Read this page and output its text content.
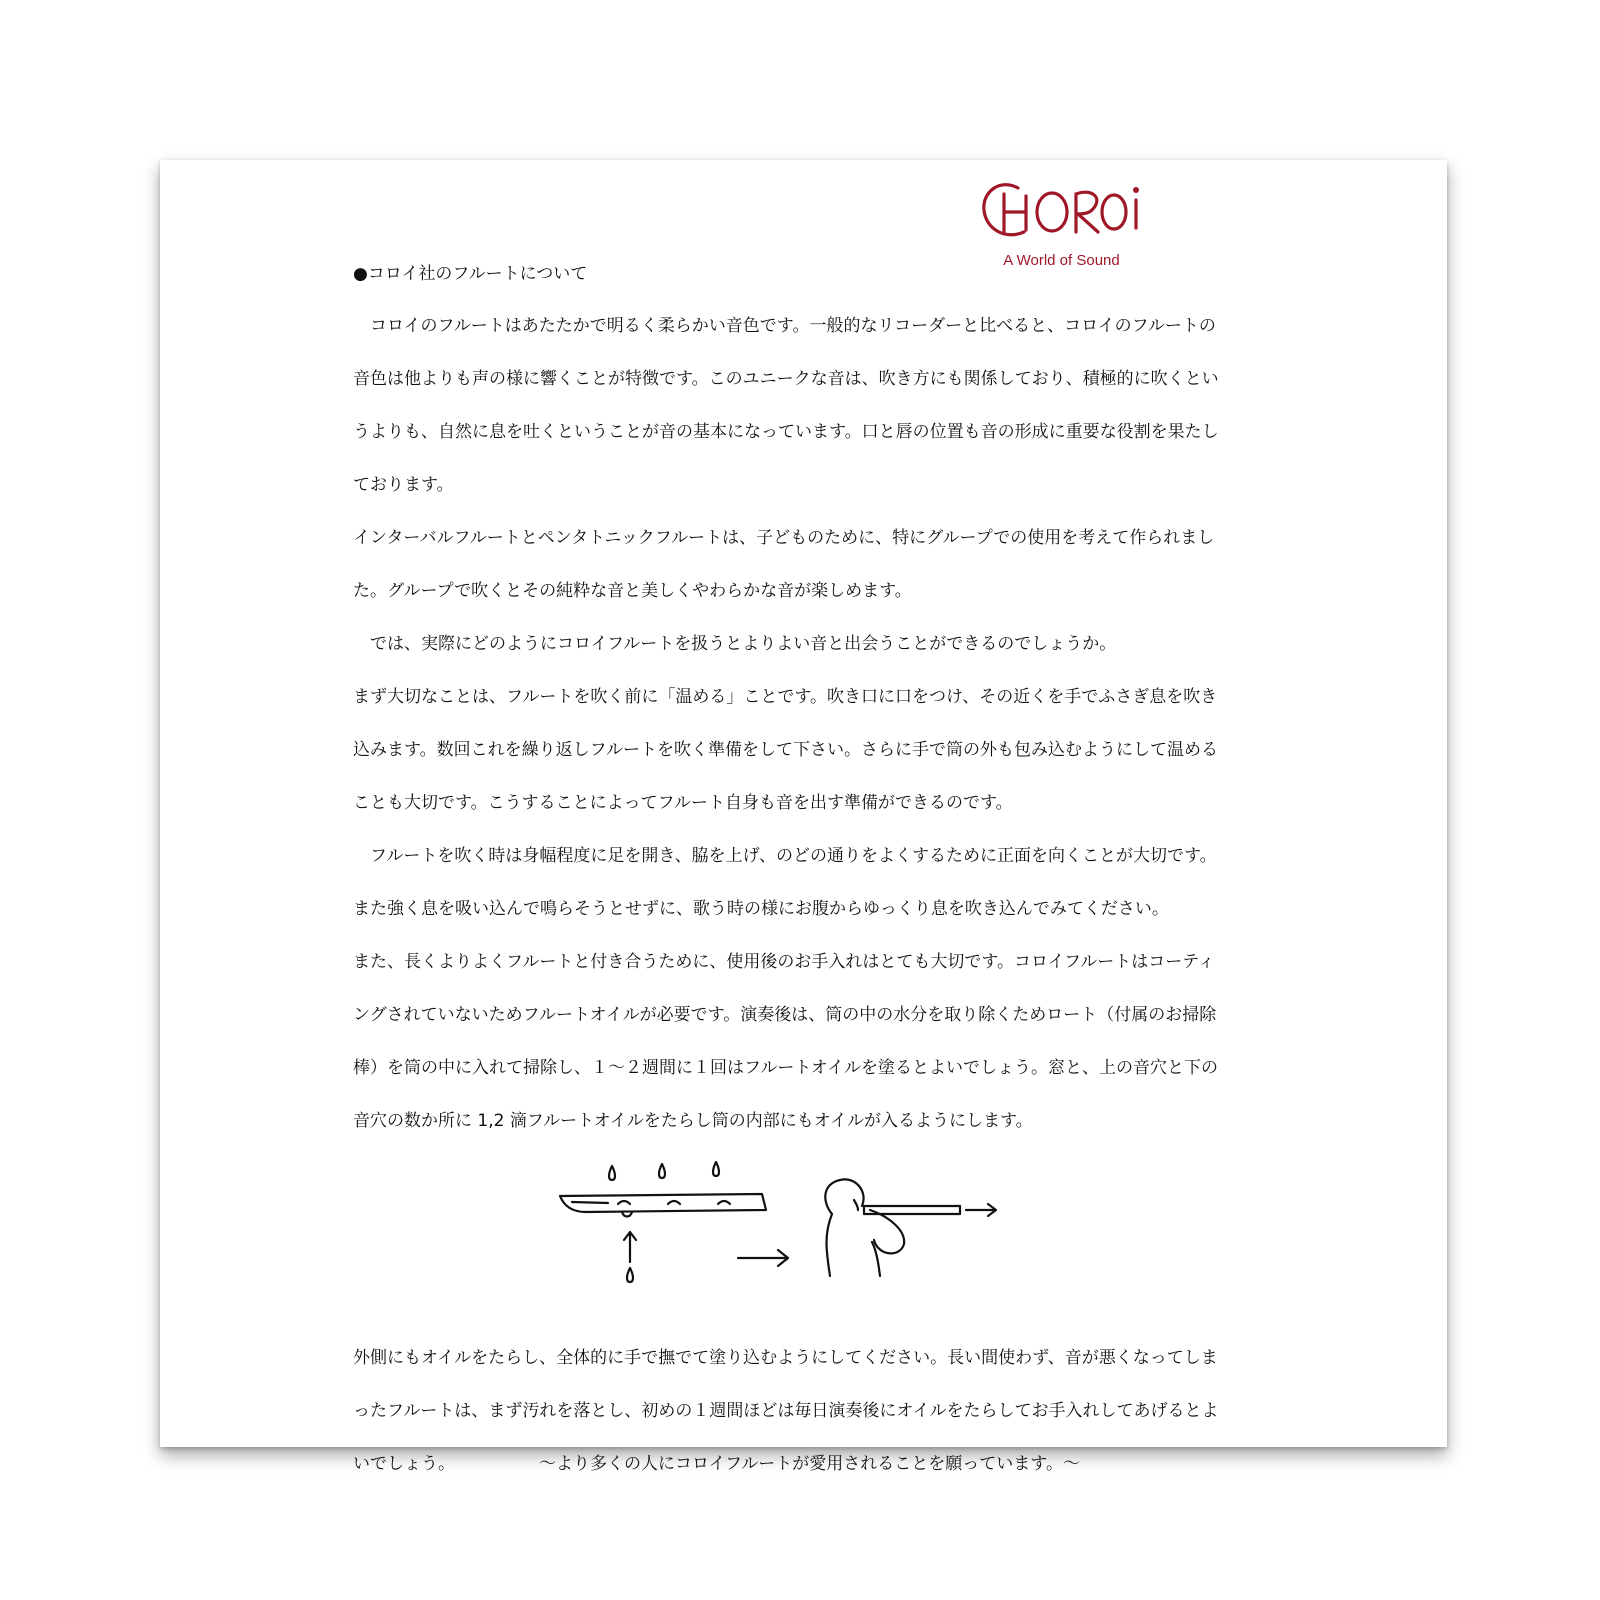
A World of Sound
●コロイ社のフルートについて
　コロイのフルートはあたたかで明るく柔らかい音色です。一般的なリコーダーと比べると、コロイのフルートの
音色は他よりも声の様に響くことが特徴です。このユニークな音は、吹き方にも関係しており、積極的に吹くとい
うよりも、自然に息を吐くということが音の基本になっています。口と唇の位置も音の形成に重要な役割を果たし
ております。
インターバルフルートとペンタトニックフルートは、子どものために、特にグループでの使用を考えて作られまし
た。グループで吹くとその純粋な音と美しくやわらかな音が楽しめます。
　では、実際にどのようにコロイフルートを扱うとよりよい音と出会うことができるのでしょうか。
まず大切なことは、フルートを吹く前に「温める」ことです。吹き口に口をつけ、その近くを手でふさぎ息を吹き
込みます。数回これを繰り返しフルートを吹く準備をして下さい。さらに手で筒の外も包み込むようにして温める
ことも大切です。こうすることによってフルート自身も音を出す準備ができるのです。
　フルートを吹く時は身幅程度に足を開き、脇を上げ、のどの通りをよくするために正面を向くことが大切です。
また強く息を吸い込んで鳴らそうとせずに、歌う時の様にお腹からゆっくり息を吹き込んでみてください。
また、長くよりよくフルートと付き合うために、使用後のお手入れはとても大切です。コロイフルートはコーティ
ングされていないためフルートオイルが必要です。演奏後は、筒の中の水分を取り除くためロート（付属のお掃除
棒）を筒の中に入れて掃除し、１～２週間に１回はフルートオイルを塗るとよいでしょう。窓と、上の音穴と下の
音穴の数か所に 1,2 滴フルートオイルをたらし筒の内部にもオイルが入るようにします。
外側にもオイルをたらし、全体的に手で撫でて塗り込むようにしてください。長い間使わず、音が悪くなってしま
ったフルートは、まず汚れを落とし、初めの１週間ほどは毎日演奏後にオイルをたらしてお手入れしてあげるとよ
いでしょう。	～より多くの人にコロイフルートが愛用されることを願っています。～
